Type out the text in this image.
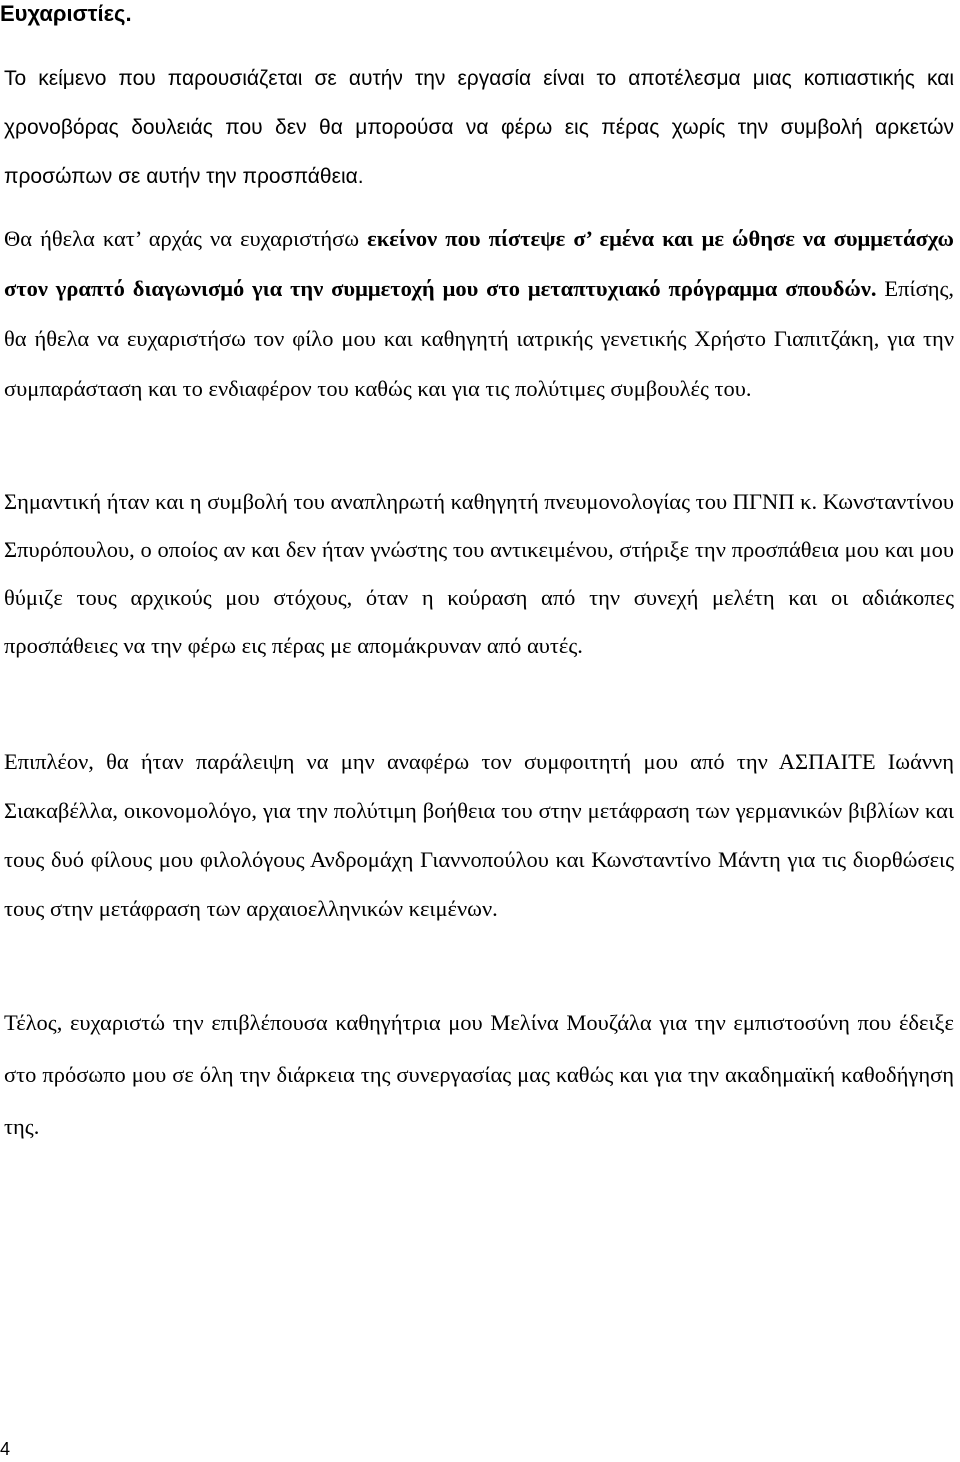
Ευχαριστίες.

Το κείμενο που παρουσιάζεται σε αυτήν την εργασία είναι το αποτέλεσμα μιας κοπιαστικής και χρονοβόρας δουλειάς που δεν θα μπορούσα να φέρω εις πέρας χωρίς την συμβολή αρκετών προσώπων σε αυτήν την προσπάθεια.

Θα ήθελα κατ’ αρχάς να ευχαριστήσω εκείνον που πίστεψε σ’ εμένα και με ώθησε να συμμετάσχω στον γραπτό διαγωνισμό για την συμμετοχή μου στο μεταπτυχιακό πρόγραμμα σπουδών. Επίσης, θα ήθελα να ευχαριστήσω τον φίλο μου και καθηγητή ιατρικής γενετικής Χρήστο Γιαπιτζάκη, για την συμπαράσταση και το ενδιαφέρον του καθώς και για τις πολύτιμες συμβουλές του.

Σημαντική ήταν και η συμβολή του αναπληρωτή καθηγητή πνευμονολογίας του ΠΓΝΠ κ. Κωνσταντίνου Σπυρόπουλου, ο οποίος αν και δεν ήταν γνώστης του αντικειμένου, στήριξε την προσπάθεια μου και μου θύμιζε τους αρχικούς μου στόχους, όταν η κούραση από την συνεχή μελέτη και οι αδιάκοπες προσπάθειες να την φέρω εις πέρας με απομάκρυναν από αυτές.

Επιπλέον, θα ήταν παράλειψη να μην αναφέρω τον συμφοιτητή μου από την ΑΣΠΑΙΤΕ Ιωάννη Σιακαβέλλα, οικονομολόγο, για την πολύτιμη βοήθεια του στην μετάφραση των γερμανικών βιβλίων και τους δυό φίλους μου φιλολόγους Ανδρομάχη Γιαννοπούλου και Κωνσταντίνο Μάντη για τις διορθώσεις τους στην μετάφραση των αρχαιοελληνικών κειμένων.

Τέλος, ευχαριστώ την επιβλέπουσα καθηγήτρια μου Μελίνα Μουζάλα για την εμπιστοσύνη που έδειξε στο πρόσωπο μου σε όλη την διάρκεια της συνεργασίας μας καθώς και για την ακαδημαϊκή καθοδήγηση της.

4
